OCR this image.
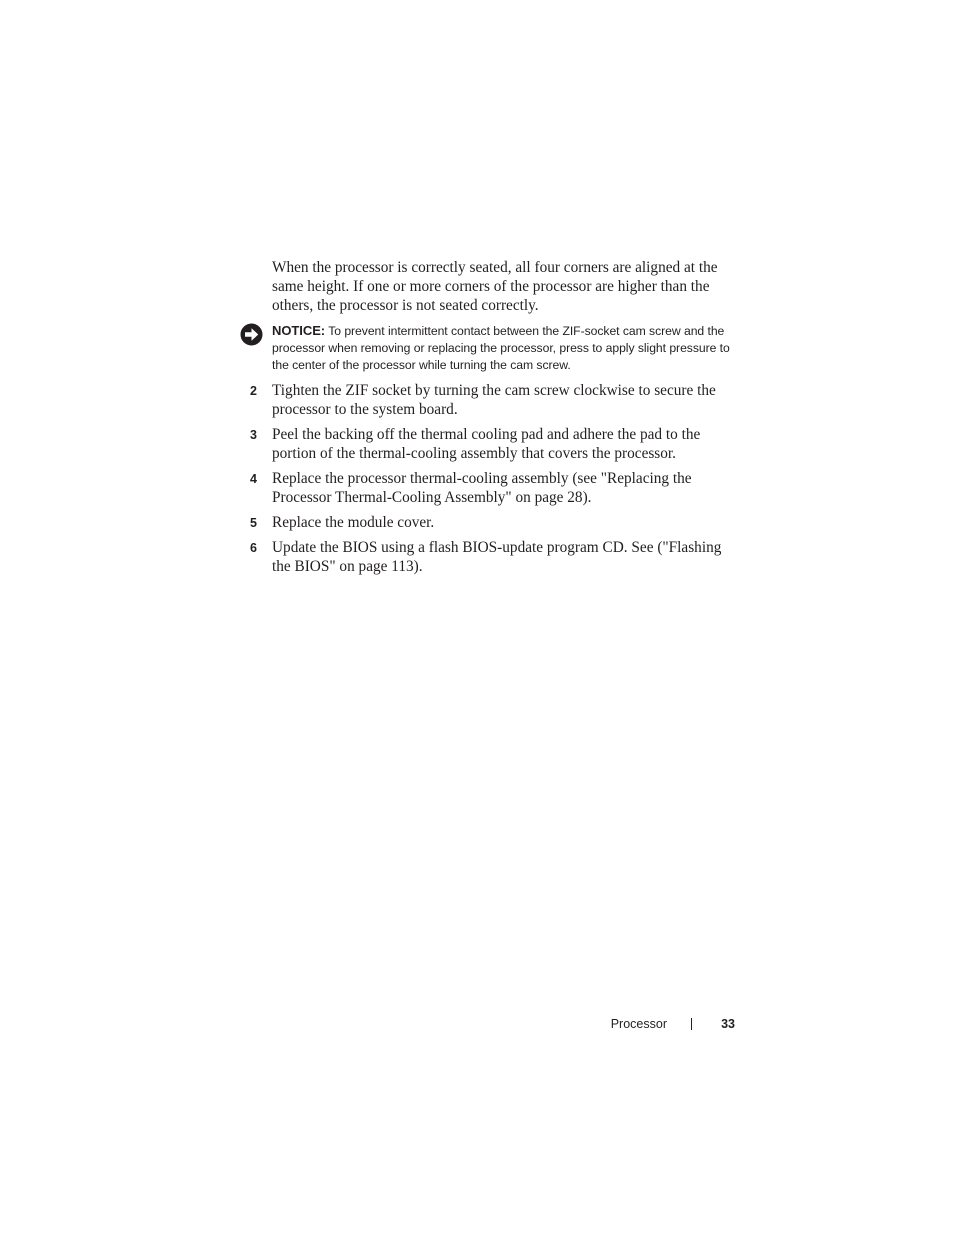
When the processor is correctly seated, all four corners are aligned at the same height. If one or more corners of the processor are higher than the others, the processor is not seated correctly.

NOTICE: To prevent intermittent contact between the ZIF-socket cam screw and the processor when removing or replacing the processor, press to apply slight pressure to the center of the processor while turning the cam screw.

2 Tighten the ZIF socket by turning the cam screw clockwise to secure the processor to the system board.
3 Peel the backing off the thermal cooling pad and adhere the pad to the portion of the thermal-cooling assembly that covers the processor.
4 Replace the processor thermal-cooling assembly (see "Replacing the Processor Thermal-Cooling Assembly" on page 28).
5 Replace the module cover.
6 Update the BIOS using a flash BIOS-update program CD. See ("Flashing the BIOS" on page 113).
Processor	33
